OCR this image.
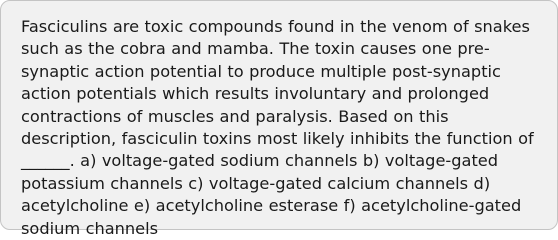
Fasciculins are toxic compounds found in the venom of snakes such as the cobra and mamba. The toxin causes one pre-synaptic action potential to produce multiple post-synaptic action potentials which results involuntary and prolonged contractions of muscles and paralysis. Based on this description, fasciculin toxins most likely inhibits the function of ______. a) voltage-gated sodium channels b) voltage-gated potassium channels c) voltage-gated calcium channels d) acetylcholine e) acetylcholine esterase f) acetylcholine-gated sodium channels
